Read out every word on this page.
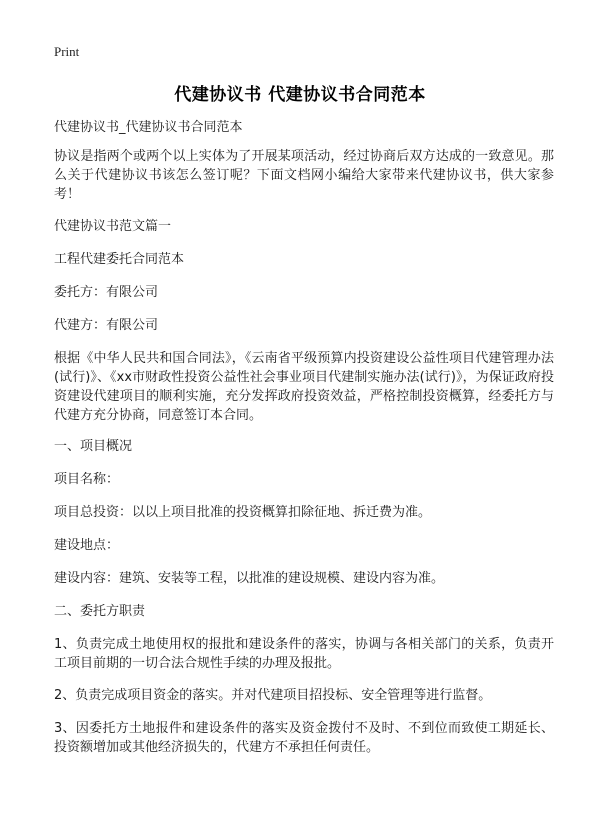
Print
代建协议书 代建协议书合同范本

代建协议书_代建协议书合同范本

协议是指两个或两个以上实体为了开展某项活动，经过协商后双方达成的一致意见。那么关于代建协议书该怎么签订呢？下面文档网小编给大家带来代建协议书，供大家参考！

代建协议书范文篇一

工程代建委托合同范本

委托方：有限公司

代建方：有限公司

根据《中华人民共和国合同法》，《云南省平级预算内投资建设公益性项目代建管理办法(试行)》、《xx市财政性投资公益性社会事业项目代建制实施办法(试行)》，为保证政府投资建设代建项目的顺利实施，充分发挥政府投资效益，严格控制投资概算，经委托方与代建方充分协商，同意签订本合同。

一、项目概况

项目名称：

项目总投资：以以上项目批准的投资概算扣除征地、拆迁费为准。

建设地点：

建设内容：建筑、安装等工程，以批准的建设规模、建设内容为准。

二、委托方职责

1、负责完成土地使用权的报批和建设条件的落实，协调与各相关部门的关系，负责开工项目前期的一切合法合规性手续的办理及报批。

2、负责完成项目资金的落实。并对代建项目招投标、安全管理等进行监督。

3、因委托方土地报件和建设条件的落实及资金拨付不及时、不到位而致使工期延长、投资额增加或其他经济损失的，代建方不承担任何责任。
